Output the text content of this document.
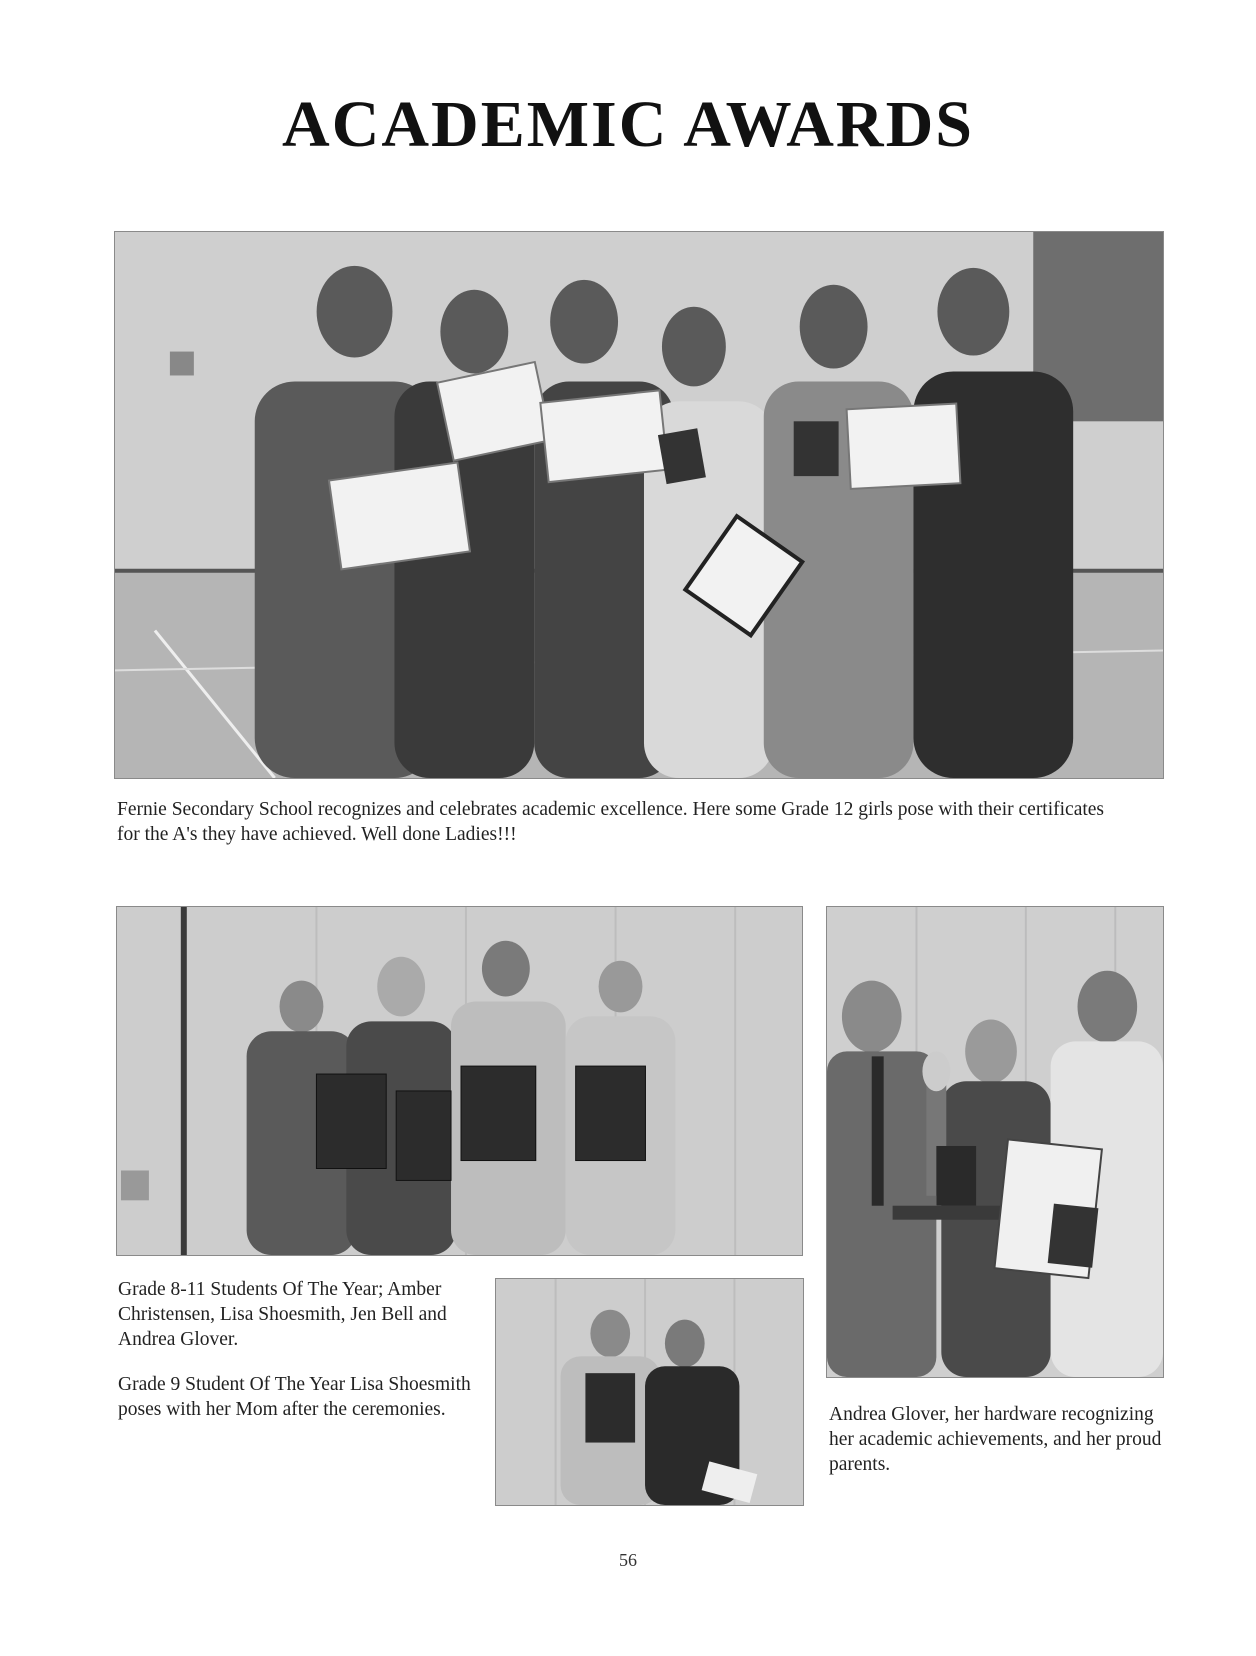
ACADEMIC AWARDS

Fernie Secondary School recognizes and celebrates academic excellence. Here some Grade 12 girls pose with their certificates for the A's they have achieved. Well done Ladies!!!

Grade 8-11 Students Of The Year; Amber Christensen, Lisa Shoesmith, Jen Bell and Andrea Glover.

Grade 9 Student Of The Year Lisa Shoesmith poses with her Mom after the ceremonies.	Andrea Glover, her hardware recognizing her academic achievements, and her proud parents.

56
